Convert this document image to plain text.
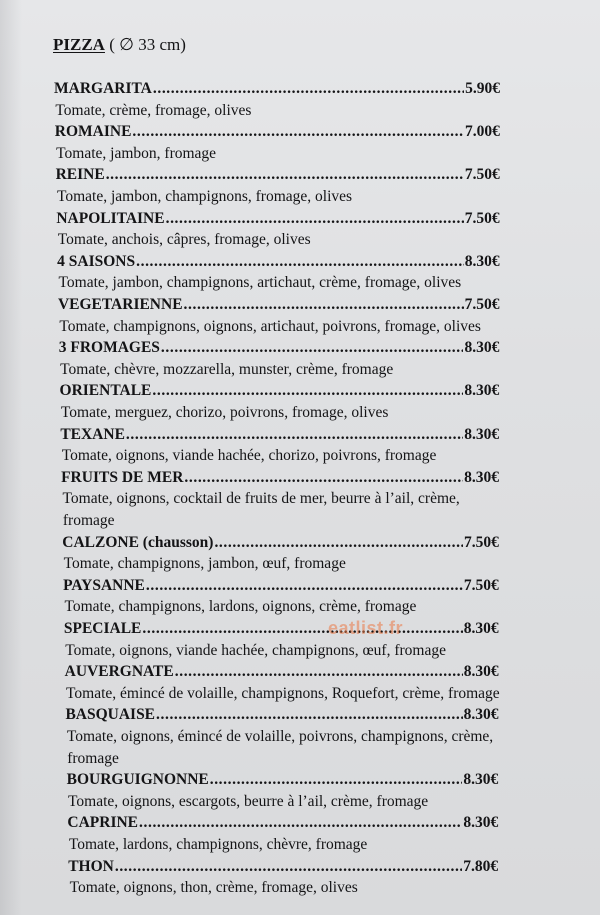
PIZZA ( ∅ 33 cm)
MARGARITA .....	5.90€
Tomate, crème, fromage, olives
ROMAINE .....	7.00€
Tomate, jambon, fromage
REINE .....	7.50€
Tomate, jambon, champignons, fromage, olives
NAPOLITAINE .....	7.50€
Tomate, anchois, câpres, fromage, olives
4 SAISONS .....	8.30€
Tomate, jambon, champignons, artichaut, crème, fromage, olives
VEGETARIENNE .....	7.50€
Tomate, champignons, oignons, artichaut, poivrons, fromage, olives
3 FROMAGES .....	8.30€
Tomate, chèvre, mozzarella, munster, crème, fromage
ORIENTALE .....	8.30€
Tomate, merguez, chorizo, poivrons, fromage, olives
TEXANE .....	8.30€
Tomate, oignons, viande hachée, chorizo, poivrons, fromage
FRUITS DE MER .....	8.30€
Tomate, oignons, cocktail de fruits de mer, beurre à l’ail, crème,
fromage
CALZONE (chausson) .....	7.50€
Tomate, champignons, jambon, œuf, fromage
PAYSANNE .....	7.50€
Tomate, champignons, lardons, oignons, crème, fromage
SPECIALE .....	8.30€
Tomate, oignons, viande hachée, champignons, œuf, fromage
AUVERGNATE .....	8.30€
Tomate, émincé de volaille, champignons, Roquefort, crème, fromage
BASQUAISE .....	8.30€
Tomate, oignons, émincé de volaille, poivrons, champignons, crème,
fromage
BOURGUIGNONNE .....	8.30€
Tomate, oignons, escargots, beurre à l’ail, crème, fromage
CAPRINE .....	8.30€
Tomate, lardons, champignons, chèvre, fromage
THON .....	7.80€
Tomate, oignons, thon, crème, fromage, olives
eatlist.fr
